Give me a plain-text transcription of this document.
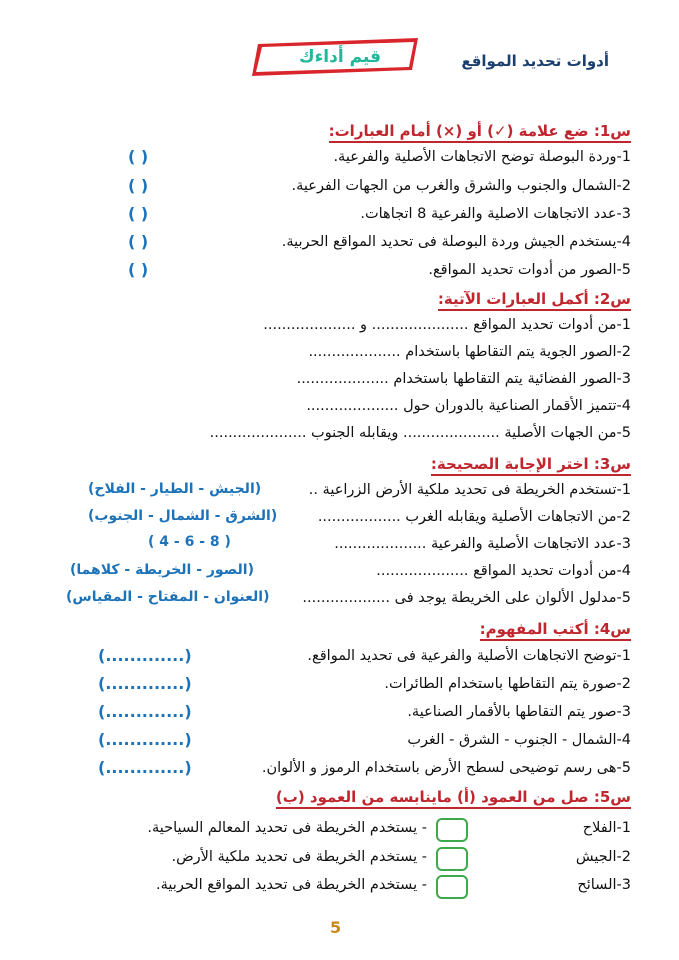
أدوات تحديد المواقع
قيم أداءك
س1: ضع علامة (✓) أو (×) أمام العبارات:
1-وردة البوصلة توضح الاتجاهات الأصلية والفرعية.
( )
2-الشمال والجنوب والشرق والغرب من الجهات الفرعية.
( )
3-عدد الاتجاهات الاصلية والفرعية 8 اتجاهات.
( )
4-يستخدم الجيش وردة البوصلة فى تحديد المواقع الحربية.
( )
5-الصور من أدوات تحديد المواقع.
( )
س2: أكمل العبارات الآتية:
1-من أدوات تحديد المواقع ..................... و ....................
2-الصور الجوية يتم التقاطها باستخدام ....................
3-الصور الفضائية يتم التقاطها باستخدام ....................
4-تتميز الأقمار الصناعية بالدوران حول ....................
5-من الجهات الأصلية ..................... ويقابله الجنوب .....................
س3: اختر الإجابة الصحيحة:
1-تستخدم الخريطة فى تحديد ملكية الأرض الزراعية ..
(الجيش - الطيار - الفلاح)
2-من الاتجاهات الأصلية ويقابله الغرب ..................
(الشرق - الشمال - الجنوب)
3-عدد الاتجاهات الأصلية والفرعية ....................
( 4 - 6 - 8 )
4-من أدوات تحديد المواقع ....................
(الصور - الخريطة - كلاهما)
5-مدلول الألوان على الخريطة يوجد فى ...................
(العنوان - المفتاح - المقياس)
س4: أكتب المفهوم:
1-توضح الاتجاهات الأصلية والفرعية فى تحديد المواقع.
(.............)
2-صورة يتم التقاطها باستخدام الطائرات.
(.............)
3-صور يتم التقاطها بالأقمار الصناعية.
(.............)
4-الشمال - الجنوب - الشرق - الغرب
(.............)
5-هى رسم توضيحى لسطح الأرض باستخدام الرموز و الألوان.
(.............)
س5: صل من العمود (أ) ماينابسه من العمود (ب)
1-الفلاح
- يستخدم الخريطة فى تحديد المعالم السياحية.
2-الجيش
- يستخدم الخريطة فى تحديد ملكية الأرض.
3-السائح
- يستخدم الخريطة فى تحديد المواقع الحربية.
5
